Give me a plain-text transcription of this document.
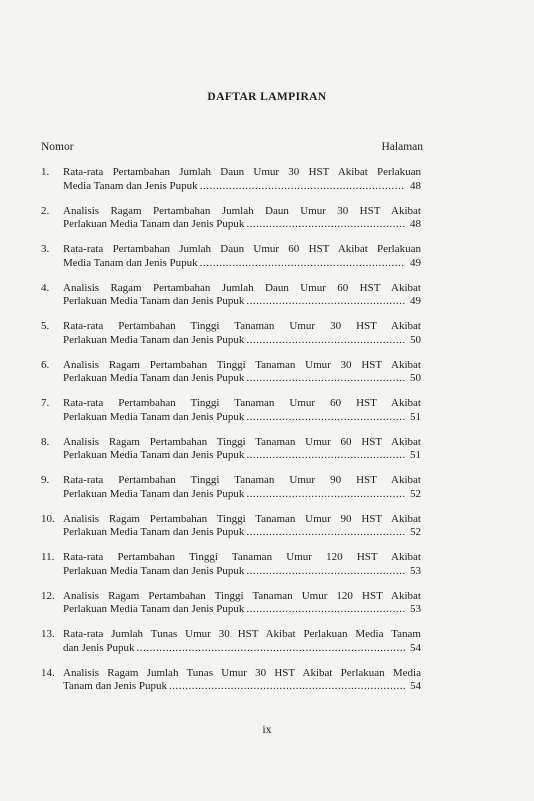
DAFTAR LAMPIRAN
Nomor	Halaman
1.	Rata-rata Pertambahan Jumlah Daun Umur 30 HST Akibat Perlakuan
Media Tanam dan Jenis Pupuk .....	48
2.	Analisis Ragam Pertambahan Jumlah Daun Umur 30 HST Akibat
Perlakuan Media Tanam dan Jenis Pupuk .....	48
3.	Rata-rata Pertambahan Jumlah Daun Umur 60 HST Akibat Perlakuan
Media Tanam dan Jenis Pupuk .....	49
4.	Analisis Ragam Pertambahan Jumlah Daun Umur 60 HST Akibat
Perlakuan Media Tanam dan Jenis Pupuk .....	49
5.	Rata-rata Pertambahan Tinggi Tanaman Umur 30 HST Akibat
Perlakuan Media Tanam dan Jenis Pupuk .....	50
6.	Analisis Ragam Pertambahan Tinggi Tanaman Umur 30 HST Akibat
Perlakuan Media Tanam dan Jenis Pupuk .....	50
7.	Rata-rata Pertambahan Tinggi Tanaman Umur 60 HST Akibat
Perlakuan Media Tanam dan Jenis Pupuk .....	51
8.	Analisis Ragam Pertambahan Tinggi Tanaman Umur 60 HST Akibat
Perlakuan Media Tanam dan Jenis Pupuk .....	51
9.	Rata-rata Pertambahan Tinggi Tanaman Umur 90 HST Akibat
Perlakuan Media Tanam dan Jenis Pupuk .....	52
10. Analisis Ragam Pertambahan Tinggi Tanaman Umur 90 HST Akibat
Perlakuan Media Tanam dan Jenis Pupuk .....	52
11. Rata-rata Pertambahan Tinggi Tanaman Umur 120 HST Akibat
Perlakuan Media Tanam dan Jenis Pupuk .....	53
12. Analisis Ragam Pertambahan Tinggi Tanaman Umur 120 HST Akibat
Perlakuan Media Tanam dan Jenis Pupuk .....	53
13. Rata-rata Jumlah Tunas Umur 30 HST Akibat Perlakuan Media Tanam
dan Jenis Pupuk .....	54
14. Analisis Ragam Jumlah Tunas Umur 30 HST Akibat Perlakuan Media
Tanam dan Jenis Pupuk .....	54
ix
